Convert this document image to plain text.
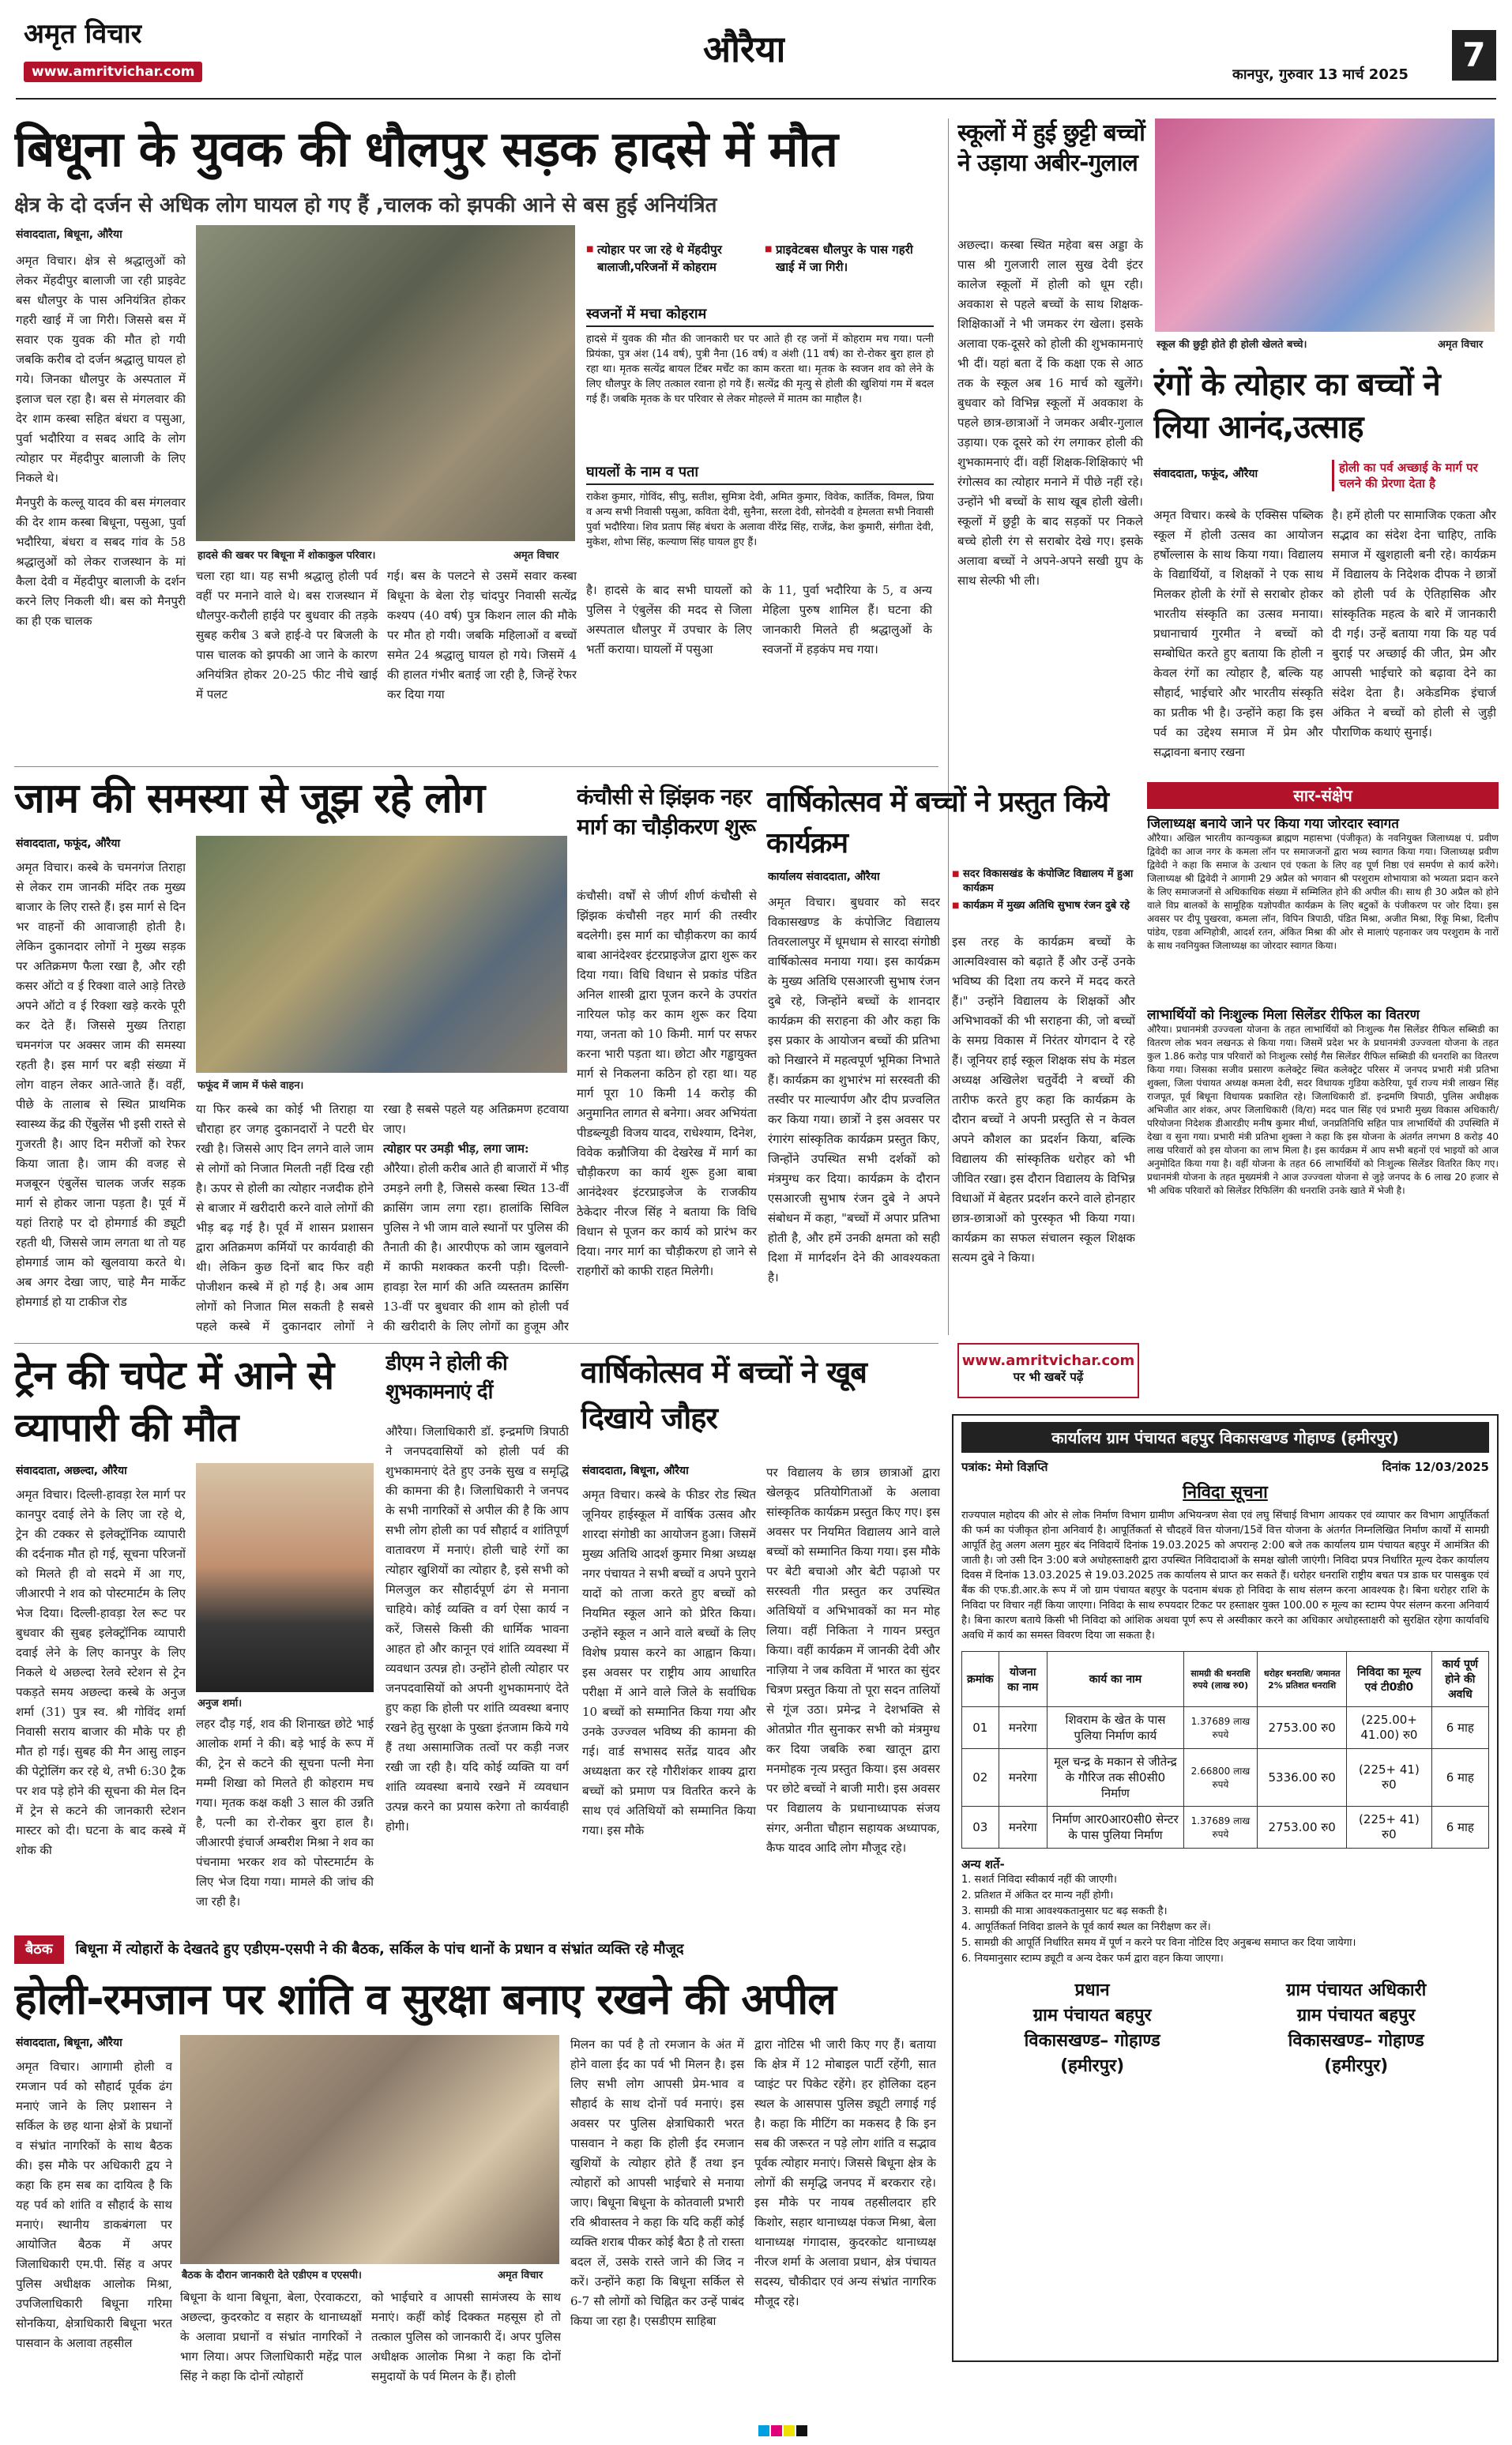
अमृत विचार
www.amritvichar.com
औरैया
कानपुर, गुरुवार 13 मार्च 2025
7
बिधूना के युवक की धौलपुर सड़क हादसे में मौत
क्षेत्र के दो दर्जन से अधिक लोग घायल हो गए हैं ,चालक को झपकी आने से बस हुई अनियंत्रित
संवाददाता, बिधूना, औरैया

अमृत विचार। क्षेत्र से श्रद्धालुओं को लेकर मेंहदीपुर बालाजी जा रही प्राइवेट बस धौलपुर के पास अनियंत्रित होकर गहरी खाई में जा गिरी। जिससे बस में सवार एक युवक की मौत हो गयी जबकि करीब दो दर्जन श्रद्धालु घायल हो गये। जिनका धौलपुर के अस्पताल में इलाज चल रहा है। बस से मंगलवार की देर शाम कस्बा सहित बंधरा व पसुआ, पुर्वा भदौरिया व सबद आदि के लोग त्योहार पर मेंहदीपुर बालाजी के लिए निकले थे।

मैनपुरी के कल्लू यादव की बस मंगलवार की देर शाम कस्बा बिधूना, पसुआ, पुर्वा भदौरिया, बंधरा व सबद गांव के 58 श्रद्धालुओं को लेकर राजस्थान के मां कैला देवी व मेंहदीपुर बालाजी के दर्शन करने लिए निकली थी। बस को मैनपुरी का ही एक चालक

हादसे की खबर पर बिधूना में शोकाकुल परिवार।	अमृत विचार
चला रहा था। यह सभी श्रद्धालु होली पर्व वहीं पर मनाने वाले थे। बस राजस्थान में धौलपुर-करौली हाईवे पर बुधवार की तड़के सुबह करीब 3 बजे हाई-वे पर बिजली के पास चालक को झपकी आ जाने के कारण अनियंत्रित होकर 20-25 फीट नीचे खाई में पलट
गई। बस के पलटने से उसमें सवार कस्बा बिधूना के बेला रोड़ चांदपुर निवासी सत्येंद्र कश्यप (40 वर्ष) पुत्र किशन लाल की मौके पर मौत हो गयी। जबकि महिलाओं व बच्चों समेत 24 श्रद्धालु घायल हो गये। जिसमें 4 की हालत गंभीर बताई जा रही है, जिन्हें रेफर कर दिया गया
■ त्योहार पर जा रहे थे मेंहदीपुर बालाजी,परिजनों में कोहराम
■ प्राइवेटबस धौलपुर के पास गहरी खाई में जा गिरी।
स्वजनों में मचा कोहराम
हादसे में युवक की मौत की जानकारी घर पर आते ही रह जनों में कोहराम मच गया। पत्नी प्रियंका, पुत्र अंश (14 वर्ष), पुत्री नैना (16 वर्ष) व अंशी (11 वर्ष) का रो-रोकर बुरा हाल हो रहा था। मृतक सत्येंद्र बायल टिंबर मर्चेंट का काम करता था। मृतक के स्वजन शव को लेने के लिए धौलपुर के लिए तत्काल रवाना हो गये हैं। सत्येंद्र की मृत्यु से होली की खुशियां गम में बदल गई हैं। जबकि मृतक के घर परिवार से लेकर मोहल्ले में मातम का माहौल है।
घायलों के नाम व पता
राकेश कुमार, गोविंद, सीपु, सतीश, सुमित्रा देवी, अमित कुमार, विवेक, कार्तिक, विमल, प्रिया व अन्य सभी निवासी पसुआ, कविता देवी, सुनैना, सरला देवी, सोनदेवी व हेमलता सभी निवासी पुर्वा भदौरिया। शिव प्रताप सिंह बंधरा के अलावा वीरेंद्र सिंह, राजेंद्र, केश कुमारी, संगीता देवी, मुकेश, शोभा सिंह, कल्याण सिंह घायल हुए हैं।
है। हादसे के बाद सभी घायलों को पुलिस ने एंबुलेंस की मदद से जिला अस्पताल धौलपुर में उपचार के लिए भर्ती कराया। घायलों में पसुआ
के 11, पुर्वा भदौरिया के 5, व अन्य मेहिला पुरुष शामिल हैं। घटना की जानकारी मिलते ही श्रद्धालुओं के स्वजनों में हड़कंप मच गया।
स्कूलों में हुई छुट्टी बच्चों ने उड़ाया अबीर-गुलाल
अछल्दा। कस्बा स्थित महेवा बस अड्डा के पास श्री गुलजारी लाल सुख देवी इंटर कालेज स्कूलों में होली को धूम रही। अवकाश से पहले बच्चों के साथ शिक्षक-शिक्षिकाओं ने भी जमकर रंग खेला। इसके अलावा एक-दूसरे को होली की शुभकामनाएं भी दीं। यहां बता दें कि कक्षा एक से आठ तक के स्कूल अब 16 मार्च को खुलेंगे। बुधवार को विभिन्न स्कूलों में अवकाश के पहले छात्र-छात्राओं ने जमकर अबीर-गुलाल उड़ाया। एक दूसरे को रंग लगाकर होली की शुभकामनाएं दीं। वहीं शिक्षक-शिक्षिकाएं भी रंगोत्सव का त्योहार मनाने में पीछे नहीं रहे। उन्होंने भी बच्चों के साथ खूब होली खेली। स्कूलों में छुट्टी के बाद सड़कों पर निकले बच्चे होली रंग से सराबोर देखे गए। इसके अलावा बच्चों ने अपने-अपने सखी ग्रुप के साथ सेल्फी भी ली।
स्कूल की छुट्टी होते ही होली खेलते बच्चे।	अमृत विचार
रंगों के त्योहार का बच्चों ने लिया आनंद,उत्साह
संवाददाता, फफूंद, औरैया	होली का पर्व अच्छाई के मार्ग पर चलने की प्रेरणा देता है
अमृत विचार। कस्बे के एक्सिस पब्लिक स्कूल में होली उत्सव का आयोजन हर्षोल्लास के साथ किया गया। विद्यालय के विद्यार्थियों, व शिक्षकों ने एक साथ मिलकर होली के रंगों से सराबोर होकर भारतीय संस्कृति का उत्सव मनाया। प्रधानाचार्य गुरमीत ने बच्चों को सम्बोधित करते हुए बताया कि होली न केवल रंगों का त्योहार है, बल्कि यह सौहार्द, भाईचारे और भारतीय संस्कृति का प्रतीक भी है। उन्होंने कहा कि इस पर्व का उद्देश्य समाज में प्रेम और सद्भावना बनाए रखना
है। हमें होली पर सामाजिक एकता और सद्भाव का संदेश देना चाहिए, ताकि समाज में खुशहाली बनी रहे। कार्यक्रम में विद्यालय के निदेशक दीपक ने छात्रों को होली पर्व के ऐतिहासिक और सांस्कृतिक महत्व के बारे में जानकारी दी गई। उन्हें बताया गया कि यह पर्व बुराई पर अच्छाई की जीत, प्रेम और आपसी भाईचारे को बढ़ावा देने का संदेश देता है। अकेडमिक इंचार्ज अंकित ने बच्चों को होली से जुड़ी पौराणिक कथाएं सुनाई।
जाम की समस्या से जूझ रहे लोग
संवाददाता, फफूंद, औरैया
अमृत विचार। कस्बे के चमनगंज तिराहा से लेकर राम जानकी मंदिर तक मुख्य बाजार के लिए रास्ते हैं। इस मार्ग से दिन भर वाहनों की आवाजाही होती है। लेकिन दुकानदार लोगों ने मुख्य सड़क पर अतिक्रमण फैला रखा है, और रही कसर ऑटो व ई रिक्शा वाले आड़े तिरछे अपने ऑटो व ई रिक्शा खड़े करके पूरी कर देते हैं। जिससे मुख्य तिराहा चमनगंज पर अक्सर जाम की समस्या रहती है। इस मार्ग पर बड़ी संख्या में लोग वाहन लेकर आते-जाते हैं। वहीं, पीछे के तालाब से स्थित प्राथमिक स्वास्थ्य केंद्र की ऐंबुलेंस भी इसी रास्ते से गुजरती है। आए दिन मरीजों को रेफर किया जाता है। जाम की वजह से मजबूरन एंबुलेंस चालक जर्जर सड़क मार्ग से होकर जाना पड़ता है। पूर्व में यहां तिराहे पर दो होमगार्ड की ड्यूटी रहती थी, जिससे जाम लगता था तो यह होमगार्ड जाम को खुलवाया करते थे। अब अगर देखा जाए, चाहे मैन मार्केट होमगार्ड हो या टाकीज रोड
फफूंद में जाम में फंसे वाहन।
या फिर कस्बे का कोई भी तिराहा या चौराहा हर जगह दुकानदारों ने पटरी घेर रखी है। जिससे आए दिन लगने वाले जाम से लोगों को निजात मिलती नहीं दिख रही है। ऊपर से होली का त्योहार नजदीक होने से बाजार में खरीदारी करने वाले लोगों की भीड़ बढ़ गई है। पूर्व में शासन प्रशासन द्वारा अतिक्रमण कर्मियों पर कार्यवाही की थी। लेकिन कुछ दिनों बाद फिर वही पोजीशन कस्बे में हो गई है। अब आम लोगों को निजात मिल सकती है सबसे पहले कस्बे में दुकानदार लोगों ने

रखा है सबसे पहले यह अतिक्रमण हटवाया जाए।

त्योहार पर उमड़ी भीड़, लगा जाम:

औरैया। होली करीब आते ही बाजारों में भीड़ उमड़ने लगी है, जिससे कस्बा स्थित 13-वीं क्रासिंग जाम लगा रहा। हालांकि सिविल पुलिस ने भी जाम वाले स्थानों पर पुलिस की तैनाती की है। आरपीएफ को जाम खुलवाने में काफी मशक्कत करनी पड़ी। दिल्ली-हावड़ा रेल मार्ग की अति व्यस्ततम क्रासिंग 13-वीं पर बुधवार की शाम को होली पर्व की खरीदारी के लिए लोगों का हुजूम और

कंचौसी से झिंझक नहर मार्ग का चौड़ीकरण शुरू
कंचौसी। वर्षों से जीर्ण शीर्ण कंचौसी से झिंझक कंचौसी नहर मार्ग की तस्वीर बदलेगी। इस मार्ग का चौड़ीकरण का कार्य बाबा आनंदेश्वर इंटरप्राइजेज द्वारा शुरू कर दिया गया। विधि विधान से प्रकांड पंडित अनिल शास्त्री द्वारा पूजन करने के उपरांत नारियल फोड़ कर काम शुरू कर दिया गया, जनता को 10 किमी. मार्ग पर सफर करना भारी पड़ता था। छोटा और गड्ढायुक्त मार्ग से निकलना कठिन हो रहा था। यह मार्ग पूरा 10 किमी 14 करोड़ की अनुमानित लागत से बनेगा। अवर अभियंता पीडब्ल्यूडी विजय यादव, राधेश्याम, दिनेश, विवेक कन्नौजिया की देखरेख में मार्ग का चौड़ीकरण का कार्य शुरू हुआ बाबा आनंदेश्वर इंटरप्राइजेज के राजकीय ठेकेदार नीरज सिंह ने बताया कि विधि विधान से पूजन कर कार्य को प्रारंभ कर दिया। नगर मार्ग का चौड़ीकरण हो जाने से राहगीरों को काफी राहत मिलेगी।
वार्षिकोत्सव में बच्चों ने प्रस्तुत किये कार्यक्रम
कार्यालय संवाददाता, औरैया	■ सदर विकासखंड के कंपोजिट विद्यालय में हुआ कार्यक्रम
■ कार्यक्रम में मुख्य अतिथि सुभाष रंजन दुबे रहे
अमृत विचार। बुधवार को सदर विकासखण्ड के कंपोजिट विद्यालय तिवरलालपुर में धूमधाम से सारदा संगोष्ठी वार्षिकोत्सव मनाया गया। इस कार्यक्रम के मुख्य अतिथि एसआरजी सुभाष रंजन दुबे रहे, जिन्होंने बच्चों के शानदार कार्यक्रम की सराहना की और कहा कि इस प्रकार के आयोजन बच्चों की प्रतिभा को निखारने में महत्वपूर्ण भूमिका निभाते हैं। कार्यक्रम का शुभारंभ मां सरस्वती की तस्वीर पर माल्यार्पण और दीप प्रज्वलित कर किया गया। छात्रों ने इस अवसर पर रंगारंग सांस्कृतिक कार्यक्रम प्रस्तुत किए, जिन्होंने उपस्थित सभी दर्शकों को मंत्रमुग्ध कर दिया। कार्यक्रम के दौरान एसआरजी सुभाष रंजन दुबे ने अपने संबोधन में कहा, "बच्चों में अपार प्रतिभा होती है, और हमें उनकी क्षमता को सही दिशा में मार्गदर्शन देने की आवश्यकता है।
इस तरह के कार्यक्रम बच्चों के आत्मविश्वास को बढ़ाते हैं और उन्हें उनके भविष्य की दिशा तय करने में मदद करते हैं।" उन्होंने विद्यालय के शिक्षकों और अभिभावकों की भी सराहना की, जो बच्चों के समग्र विकास में निरंतर योगदान दे रहे हैं। जूनियर हाई स्कूल शिक्षक संघ के मंडल अध्यक्ष अखिलेश चतुर्वेदी ने बच्चों की तारीफ करते हुए कहा कि कार्यक्रम के दौरान बच्चों ने अपनी प्रस्तुति से न केवल अपने कौशल का प्रदर्शन किया, बल्कि विद्यालय की सांस्कृतिक धरोहर को भी जीवित रखा। इस दौरान विद्यालय के विभिन्न विधाओं में बेहतर प्रदर्शन करने वाले होनहार छात्र-छात्राओं को पुरस्कृत भी किया गया। कार्यक्रम का सफल संचालन स्कूल शिक्षक सत्यम दुबे ने किया।
सार-संक्षेप
जिलाध्यक्ष बनाये जाने पर किया गया जोरदार स्वागत
औरैया। अखिल भारतीय कान्यकुब्ज ब्राह्मण महासभा (पंजीकृत) के नवनियुक्त जिलाध्यक्ष पं. प्रवीण द्विवेदी का आज नगर के कमला लॉन पर समाजजनों द्वारा भव्य स्वागत किया गया। जिलाध्यक्ष प्रवीण द्विवेदी ने कहा कि समाज के उत्थान एवं एकता के लिए वह पूर्ण निष्ठा एवं समर्पण से कार्य करेंगे। जिलाध्यक्ष श्री द्विवेदी ने आगामी 29 अप्रैल को भगवान श्री परशुराम शोभायात्रा को भव्यता प्रदान करने के लिए समाजजनों से अधिकाधिक संख्या में सम्मिलित होने की अपील की। साथ ही 30 अप्रैल को होने वाले विप्र बालकों के सामूहिक यज्ञोपवीत कार्यक्रम के लिए बटुकों के पंजीकरण पर जोर दिया। इस अवसर पर दीपू पुखरवा, कमला लॉन, विपिन त्रिपाठी, पंडित मिश्रा, अजीत मिश्रा, रिंकू मिश्रा, दिलीप पांडेय, एडवा अग्निहोत्री, आदर्श रतन, अंकित मिश्रा की ओर से मालाएं पहनाकर जय परशुराम के नारों के साथ नवनियुक्त जिलाध्यक्ष का जोरदार स्वागत किया।
लाभार्थियों को निःशुल्क मिला सिलेंडर रीफिल का वितरण
औरैया। प्रधानमंत्री उज्ज्वला योजना के तहत लाभार्थियों को निःशुल्क गैस सिलेंडर रीफिल सब्सिडी का वितरण लोक भवन लखनऊ से किया गया। जिसमें प्रदेश भर के प्रधानमंत्री उज्ज्वला योजना के तहत कुल 1.86 करोड़ पात्र परिवारों को निःशुल्क रसोई गैस सिलेंडर रीफिल सब्सिडी की धनराशि का वितरण किया गया। जिसका सजीव प्रसारण कलेक्ट्रेट स्थित कलेक्ट्रेट परिसर में जनपद प्रभारी मंत्री प्रतिभा शुक्ला, जिला पंचायत अध्यक्ष कमला देवी, सदर विधायक गुडिया कठेरिया, पूर्व राज्य मंत्री लाखन सिंह राजपूत, पूर्व बिधूना विधायक प्रकाशित रहे। जिलाधिकारी डॉ. इन्द्रमणि त्रिपाठी, पुलिस अधीक्षक अभिजीत आर शंकर, अपर जिलाधिकारी (वि/रा) मदद पाल सिंह एवं प्रभारी मुख्य विकास अधिकारी/परियोजना निदेशक डीआरडीए मनीष कुमार मीर्धा, जनप्रतिनिधि सहित पात्र लाभार्थियों की उपस्थिति में देखा व सुना गया। प्रभारी मंत्री प्रतिभा शुक्ला ने कहा कि इस योजना के अंतर्गत लगभग 8 करोड़ 40 लाख परिवारों को इस योजना का लाभ मिला है। इस कार्यक्रम में आप सभी बहनों एवं भाइयों को आज अनुमोदित किया गया है। वहीं योजना के तहत 66 लाभार्थियों को निःशुल्क सिलेंडर वितरित किए गए। प्रधानमंत्री योजना के तहत मुख्यमंत्री ने आज उज्ज्वला योजना से जुड़े जनपद के 6 लाख 20 हजार से भी अधिक परिवारों को सिलेंडर रिफिलिंग की धनराशि उनके खाते में भेजी है।
www.amritvichar.com
पर भी खबरें पढ़ें
ट्रेन की चपेट में आने से व्यापारी की मौत
संवाददाता, अछल्दा, औरैया
अमृत विचार। दिल्ली-हावड़ा रेल मार्ग पर कानपुर दवाई लेने के लिए जा रहे थे, ट्रेन की टक्कर से इलेक्ट्रॉनिक व्यापारी की दर्दनाक मौत हो गई, सूचना परिजनों को मिलते ही वो सदमे में आ गए, जीआरपी ने शव को पोस्टमार्टम के लिए भेज दिया। दिल्ली-हावड़ा रेल रूट पर बुधवार की सुबह इलेक्ट्रॉनिक व्यापारी दवाई लेने के लिए कानपुर के लिए निकले थे अछल्दा रेलवे स्टेशन से ट्रेन पकड़ते समय अछल्दा कस्बे के अनुज शर्मा (31) पुत्र स्व. श्री गोविंद शर्मा निवासी सराय बाजार की मौके पर ही मौत हो गई। सुबह की मैन आसु लाइन की पेट्रोलिंग कर रहे थे, तभी 6:30 ट्रैक पर शव पड़े होने की सूचना की मेल दिन में ट्रेन से कटने की जानकारी स्टेशन मास्टर को दी। घटना के बाद कस्बे में शोक की
अनुज शर्मा।
लहर दौड़ गई, शव की शिनाख्त छोटे भाई आलोक शर्मा ने की। बड़े भाई के रूप में की, ट्रेन से कटने की सूचना पत्नी मेना मम्मी शिखा को मिलते ही कोहराम मच गया। मृतक कक्ष कक्षी 3 साल की उन्नति है, पत्नी का रो-रोकर बुरा हाल है। जीआरपी इंचार्ज अम्बरीश मिश्रा ने शव का पंचनामा भरकर शव को पोस्टमार्टम के लिए भेज दिया गया। मामले की जांच की जा रही है।
डीएम ने होली की शुभकामनाएं दीं
औरैया। जिलाधिकारी डॉ. इन्द्रमणि त्रिपाठी ने जनपदवासियों को होली पर्व की शुभकामनाएं देते हुए उनके सुख व समृद्धि की कामना की है। जिलाधिकारी ने जनपद के सभी नागरिकों से अपील की है कि आप सभी लोग होली का पर्व सौहार्द व शांतिपूर्ण वातावरण में मनाएं। होली चाहे रंगों का त्योहार खुशियों का त्योहार है, इसे सभी को मिलजुल कर सौहार्दपूर्ण ढंग से मनाना चाहिये। कोई व्यक्ति व वर्ग ऐसा कार्य न करें, जिससे किसी की धार्मिक भावना आहत हो और कानून एवं शांति व्यवस्था में व्यवधान उत्पन्न हो। उन्होंने होली त्योहार पर जनपदवासियों को अपनी शुभकामनाएं देते हुए कहा कि होली पर शांति व्यवस्था बनाए रखने हेतु सुरक्षा के पुख्ता इंतजाम किये गये हैं तथा असामाजिक तत्वों पर कड़ी नजर रखी जा रही है। यदि कोई व्यक्ति या वर्ग शांति व्यवस्था बनाये रखने में व्यवधान उत्पन्न करने का प्रयास करेगा तो कार्यवाही होगी।
वार्षिकोत्सव में बच्चों ने खूब दिखाये जौहर
संवाददाता, बिधूना, औरैया
अमृत विचार। कस्बे के फीडर रोड स्थित जूनियर हाईस्कूल में वार्षिक उत्सव और शारदा संगोष्ठी का आयोजन हुआ। जिसमें मुख्य अतिथि आदर्श कुमार मिश्रा अध्यक्ष नगर पंचायत ने सभी बच्चों व अपने पुराने यादों को ताजा करते हुए बच्चों को नियमित स्कूल आने को प्रेरित किया। उन्होंने स्कूल न आने वाले बच्चों के लिए विशेष प्रयास करने का आह्वान किया। इस अवसर पर राष्ट्रीय आय आधारित परीक्षा में आने वाले जिले के सर्वाधिक 10 बच्चों को सम्मानित किया गया और उनके उज्ज्वल भविष्य की कामना की गई। वार्ड सभासद सतेंद्र यादव और अध्यक्षता कर रहे गौरीशंकर शाक्य द्वारा बच्चों को प्रमाण पत्र वितरित करने के साथ एवं अतिथियों को सम्मानित किया गया। इस मौके
पर विद्यालय के छात्र छात्राओं द्वारा खेलकूद प्रतियोगिताओं के अलावा सांस्कृतिक कार्यक्रम प्रस्तुत किए गए। इस अवसर पर नियमित विद्यालय आने वाले बच्चों को सम्मानित किया गया। इस मौके पर बेटी बचाओ और बेटी पढ़ाओ पर सरस्वती गीत प्रस्तुत कर उपस्थित अतिथियों व अभिभावकों का मन मोह लिया। वहीं निकिता ने गायन प्रस्तुत किया। वहीं कार्यक्रम में जानकी देवी और नाज़िया ने जब कविता में भारत का सुंदर चित्रण प्रस्तुत किया तो पूरा सदन तालियों से गूंज उठा। प्रमेन्द्र ने देशभक्ति से ओतप्रोत गीत सुनाकर सभी को मंत्रमुग्ध कर दिया जबकि रुबा खातून द्वारा मनमोहक नृत्य प्रस्तुत किया। इस अवसर पर छोटे बच्चों ने बाजी मारी। इस अवसर पर विद्यालय के प्रधानाध्यापक संजय संगर, अनीता चौहान सहायक अध्यापक, कैफ यादव आदि लोग मौजूद रहे।
कार्यालय ग्राम पंचायत बहपुर विकासखण्ड गोहाण्ड (हमीरपुर)
पत्रांक: मेमो विज्ञप्ति	दिनांक 12/03/2025
निविदा सूचना
राज्यपाल महोदय की ओर से लोक निर्माण विभाग ग्रामीण अभियन्त्रण सेवा एवं लघु सिंचाई विभाग आयकर एवं व्यापार कर विभाग आपूर्तिकर्ता की फर्म का पंजीकृत होना अनिवार्य है। आपूर्तिकर्ता से चौदहवें वित्त योजना/15वें वित्त योजना के अंतर्गत निम्नलिखित निर्माण कार्यों में सामग्री आपूर्ति हेतु अलग अलग मुहर बंद निविदायें दिनांक 19.03.2025 को अपरान्ह 2:00 बजे तक कार्यालय ग्राम पंचायत बहपुर में आमंत्रित की जाती है। जो उसी दिन 3:00 बजे अधोहस्ताक्षरी द्वारा उपस्थित निविदादाओं के समक्ष खोली जाएंगी। निविदा प्रपत्र निर्धारित मूल्य देकर कार्यालय दिवस में दिनांक 13.03.2025 से 19.03.2025 तक कार्यालय से प्राप्त कर सकते हैं। धरोहर धनराशि राष्ट्रीय बचत पत्र डाक घर पासबुक एवं बैंक की एफ.डी.आर.के रूप में जो ग्राम पंचायत बहपुर के पदनाम बंधक हो निविदा के साथ संलग्न करना आवश्यक है। बिना धरोहर राशि के निविदा पर विचार नहीं किया जाएगा। निविदा के साथ रुपयदार टिकट पर हस्ताक्षर युक्त 100.00 रु मूल्य का स्टाम्प पेपर संलग्न करना अनिवार्य है। बिना कारण बताये किसी भी निविदा को आंशिक अथवा पूर्ण रूप से अस्वीकार करने का अधिकार अधोहस्ताक्षरी को सुरक्षित रहेगा कार्यावधि अवधि में कार्य का समस्त विवरण दिया जा सकता है।
क्रमांक	योजना का नाम	कार्य का नाम	सामग्री की धनराशि रुपये (लाख रु0)	धरोहर धनराशि/ जमानत 2% प्रतिशत धनराशि	निविदा का मूल्य एवं टी0डी0	कार्य पूर्ण होने की अवधि
01	मनरेगा	शिवराम के खेत के पास पुलिया निर्माण कार्य	1.37689 लाख रुपये	2753.00 रु0	(225.00+ 41.00) रु0	6 माह
02	मनरेगा	मूल चन्द्र के मकान से जीतेन्द्र के गौरिज तक सी0सी0 निर्माण	2.66800 लाख रुपये	5336.00 रु0	(225+ 41) रु0	6 माह
03	मनरेगा	निर्माण आर0आर0सी0 सेन्टर के पास पुलिया निर्माण	1.37689 लाख रुपये	2753.00 रु0	(225+ 41) रु0	6 माह
अन्य शर्ते-
1. सशर्त निविदा स्वीकार्य नहीं की जाएगी।
2. प्रतिशत में अंकित दर मान्य नहीं होगी।
3. सामग्री की मात्रा आवश्यकतानुसार घट बढ़ सकती है।
4. आपूर्तिकर्ता निविदा डालने के पूर्व कार्य स्थल का निरीक्षण कर लें।
5. सामग्री की आपूर्ति निर्धारित समय में पूर्ण न करने पर विना नोटिस दिए अनुबन्ध समाप्त कर दिया जायेगा।
6. नियमानुसार स्टाम्प ड्यूटी व अन्य देकर फर्म द्वारा वहन किया जाएगा।
प्रधान
ग्राम पंचायत बहपुर
विकासखण्ड– गोहाण्ड
(हमीरपुर)
ग्राम पंचायत अधिकारी
ग्राम पंचायत बहपुर
विकासखण्ड– गोहाण्ड
(हमीरपुर)
बैठक बिधूना में त्योहारों के देखतदे हुए एडीएम-एसपी ने की बैठक, सर्किल के पांच थानों के प्रधान व संभ्रांत व्यक्ति रहे मौजूद
होली-रमजान पर शांति व सुरक्षा बनाए रखने की अपील
संवाददाता, बिधूना, औरैया
अमृत विचार। आगामी होली व रमजान पर्व को सौहार्द पूर्वक ढंग मनाएं जाने के लिए प्रशासन ने सर्किल के छह थाना क्षेत्रों के प्रधानों व संभ्रांत नागरिकों के साथ बैठक की। इस मौके पर अधिकारी द्वय ने कहा कि हम सब का दायित्व है कि यह पर्व को शांति व सौहार्द के साथ मनाएं। स्थानीय डाकबंगला पर आयोजित बैठक में अपर जिलाधिकारी एम.पी. सिंह व अपर पुलिस अधीक्षक आलोक मिश्रा, उपजिलाधिकारी बिधूना गरिमा सोनकिया, क्षेत्राधिकारी बिधूना भरत पासवान के अलावा तहसील
बैठक के दौरान जानकारी देते एडीएम व एएसपी।	अमृत विचार
बिधूना के थाना बिधूना, बेला, ऐरवाकटरा, अछल्दा, कुदरकोट व सहार के थानाध्यक्षों के अलावा प्रधानों व संभ्रांत नागरिकों ने भाग लिया। अपर जिलाधिकारी महेंद्र पाल सिंह ने कहा कि दोनों त्योहारों
को भाईचारे व आपसी सामंजस्य के साथ मनाएं। कहीं कोई दिक्कत महसूस हो तो तत्काल पुलिस को जानकारी दें। अपर पुलिस अधीक्षक आलोक मिश्रा ने कहा कि दोनों समुदायों के पर्व मिलन के हैं। होली
मिलन का पर्व है तो रमजान के अंत में होने वाला ईद का पर्व भी मिलन है। इस लिए सभी लोग आपसी प्रेम-भाव व सौहार्द के साथ दोनों पर्व मनाएं। इस अवसर पर पुलिस क्षेत्राधिकारी भरत पासवान ने कहा कि होली ईद रमजान खुशियों के त्योहार होते हैं तथा इन त्योहारों को आपसी भाईचारे से मनाया जाए। बिधूना बिधूना के कोतवाली प्रभारी रवि श्रीवास्तव ने कहा कि यदि कहीं कोई व्यक्ति शराब पीकर कोई बैठा है तो रास्ता बदल लें, उसके रास्ते जाने की जिद न करें। उन्होंने कहा कि बिधूना सर्किल से 6-7 सौ लोगों को चिह्नित कर उन्हें पाबंद किया जा रहा है। एसडीएम साहिबा
द्वारा नोटिस भी जारी किए गए हैं। बताया कि क्षेत्र में 12 मोबाइल पार्टी रहेंगी, सात प्वाइंट पर पिकेट रहेंगे। हर होलिका दहन स्थल के आसपास पुलिस ड्यूटी लगाई गई है। कहा कि मीटिंग का मकसद है कि इन सब की जरूरत न पड़े लोग शांति व सद्भाव पूर्वक त्योहार मनाएं। जिससे बिधूना क्षेत्र के लोगों की समृद्धि जनपद में बरकरार रहे। इस मौके पर नायब तहसीलदार हरि किशोर, सहार थानाध्यक्ष पंकज मिश्रा, बेला थानाध्यक्ष गंगादास, कुदरकोट थानाध्यक्ष नीरज शर्मा के अलावा प्रधान, क्षेत्र पंचायत सदस्य, चौकीदार एवं अन्य संभ्रांत नागरिक मौजूद रहे।
